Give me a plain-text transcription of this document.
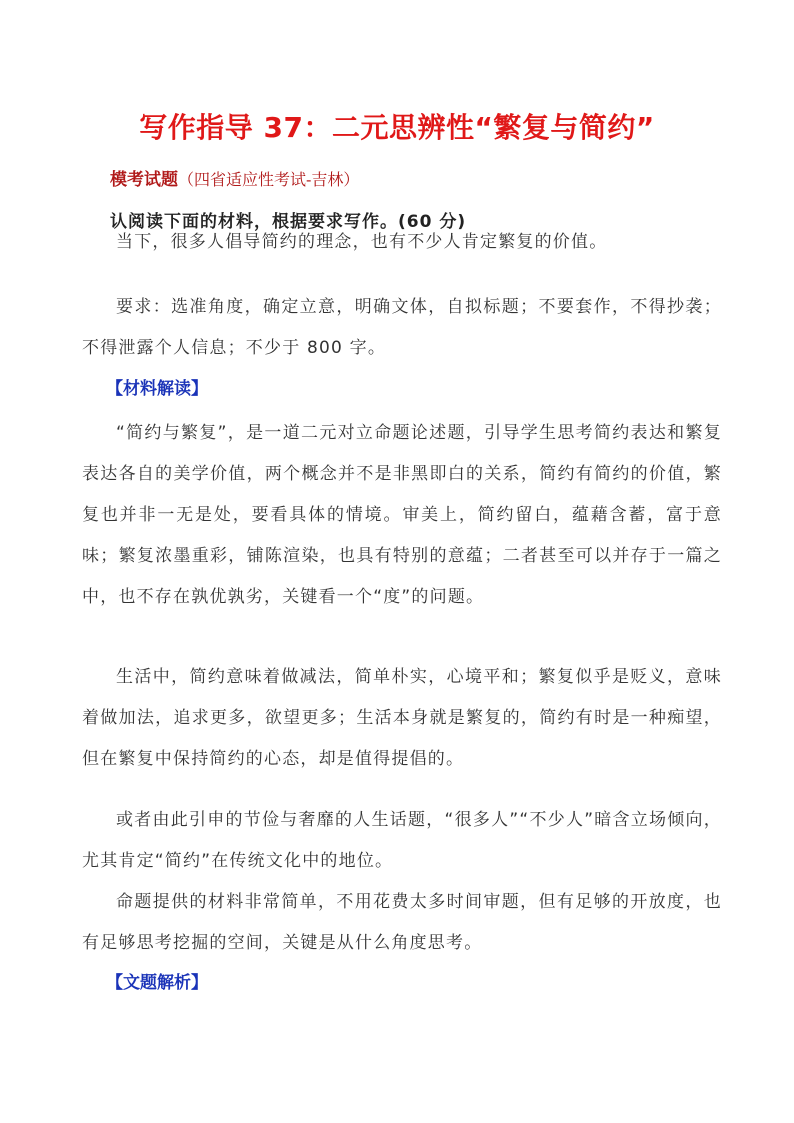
写作指导 37：二元思辨性“繁复与简约”
模考试题（四省适应性考试-吉林）
认阅读下面的材料，根据要求写作。(60 分)
当下，很多人倡导简约的理念，也有不少人肯定繁复的价值。
要求：选准角度，确定立意，明确文体，自拟标题；不要套作，不得抄袭；不得泄露个人信息；不少于 800 字。
【材料解读】
“简约与繁复”，是一道二元对立命题论述题，引导学生思考简约表达和繁复表达各自的美学价值，两个概念并不是非黑即白的关系，简约有简约的价值，繁复也并非一无是处，要看具体的情境。审美上，简约留白，蕴藉含蓄，富于意味；繁复浓墨重彩，铺陈渲染，也具有特别的意蕴；二者甚至可以并存于一篇之中，也不存在孰优孰劣，关键看一个“度”的问题。
生活中，简约意味着做减法，简单朴实，心境平和；繁复似乎是贬义，意味着做加法，追求更多，欲望更多；生活本身就是繁复的，简约有时是一种痴望，但在繁复中保持简约的心态，却是值得提倡的。
或者由此引申的节俭与奢靡的人生话题，“很多人”“不少人”暗含立场倾向，尤其肯定“简约”在传统文化中的地位。
命题提供的材料非常简单，不用花费太多时间审题，但有足够的开放度，也有足够思考挖掘的空间，关键是从什么角度思考。
【文题解析】
